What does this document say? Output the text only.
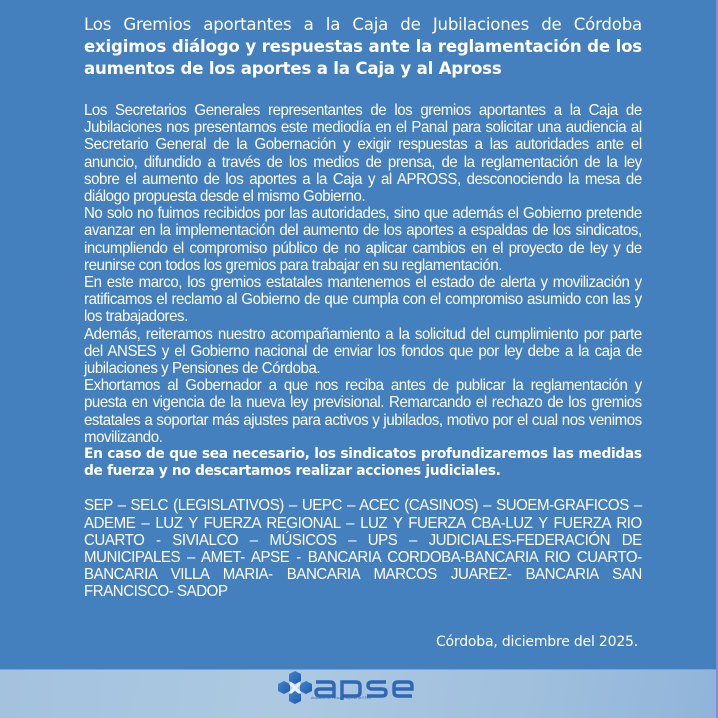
Los Gremios aportantes a la Caja de Jubilaciones de Córdoba
exigimos diálogo y respuestas ante la reglamentación de los aumentos de los aportes a la Caja y al Apross

Los Secretarios Generales representantes de los gremios aportantes a la Caja de Jubilaciones nos presentamos este mediodía en el Panal para solicitar una audiencia al Secretario General de la Gobernación y exigir respuestas a las autoridades ante el anuncio, difundido a través de los medios de prensa, de la reglamentación de la ley sobre el aumento de los aportes a la Caja y al APROSS, desconociendo la mesa de diálogo propuesta desde el mismo Gobierno.

No solo no fuimos recibidos por las autoridades, sino que además el Gobierno pretende avanzar en la implementación del aumento de los aportes a espaldas de los sindicatos, incumpliendo el compromiso público de no aplicar cambios en el proyecto de ley y de reunirse con todos los gremios para trabajar en su reglamentación.

En este marco, los gremios estatales mantenemos el estado de alerta y movilización y ratificamos el reclamo al Gobierno de que cumpla con el compromiso asumido con las y los trabajadores.

Además, reiteramos nuestro acompañamiento a la solicitud del cumplimiento por parte del ANSES y el Gobierno nacional de enviar los fondos que por ley debe a la caja de jubilaciones y Pensiones de Córdoba.

Exhortamos al Gobernador a que nos reciba antes de publicar la reglamentación y puesta en vigencia de la nueva ley previsional. Remarcando el rechazo de los gremios estatales a soportar más ajustes para activos y jubilados, motivo por el cual nos venimos movilizando.

En caso de que sea necesario, los sindicatos profundizaremos las medidas de fuerza y no descartamos realizar acciones judiciales.

SEP – SELC (LEGISLATIVOS) – UEPC – ACEC (CASINOS) – SUOEM-GRAFICOS – ADEME – LUZ Y FUERZA REGIONAL – LUZ Y FUERZA CBA-LUZ Y FUERZA RIO CUARTO - SIVIALCO – MÚSICOS – UPS – JUDICIALES-FEDERACIÓN DE MUNICIPALES – AMET- APSE - BANCARIA CORDOBA-BANCARIA RIO CUARTO- BANCARIA VILLA MARIA- BANCARIA MARCOS JUAREZ- BANCARIA SAN FRANCISCO- SADOP
Córdoba, diciembre del 2025.
Asociación de Personal Superior de EPEC
